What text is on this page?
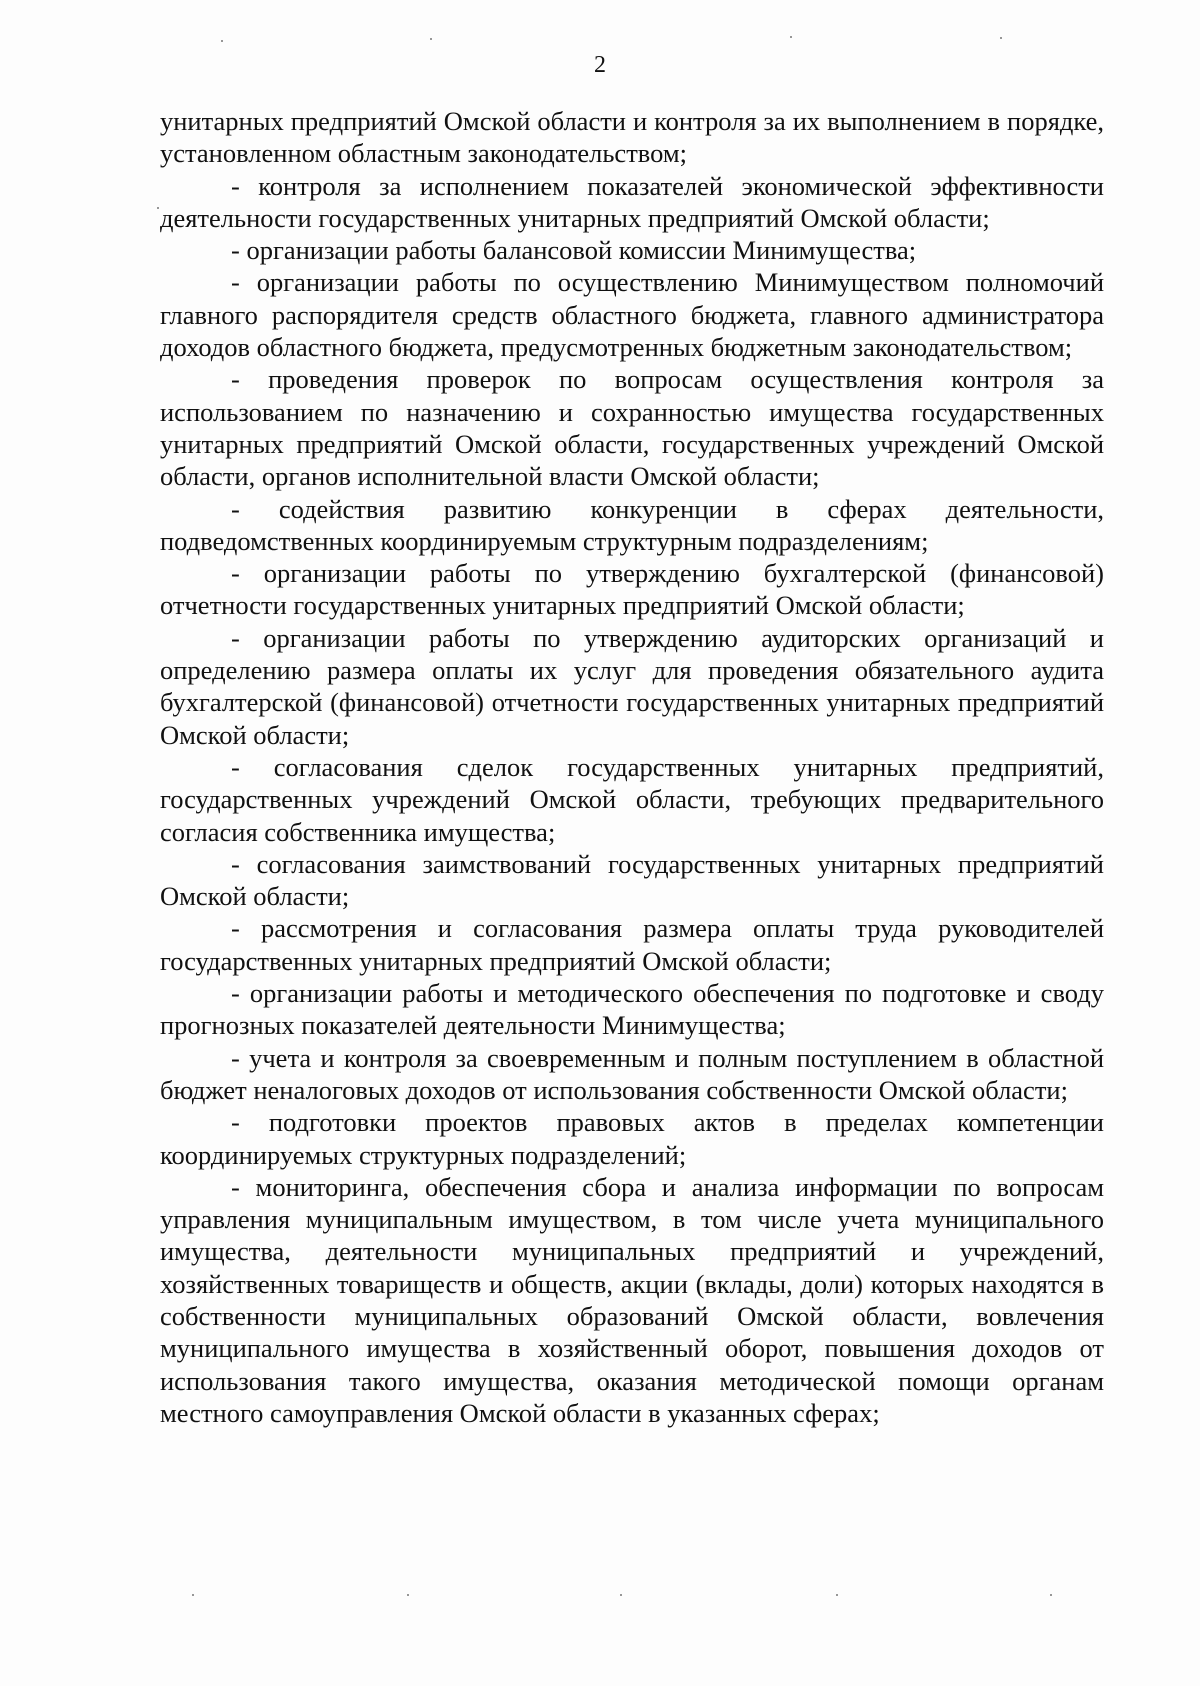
2

унитарных предприятий Омской области и контроля за их выполнением в порядке, установленном областным законодательством;

- контроля за исполнением показателей экономической эффективности деятельности государственных унитарных предприятий Омской области;

- организации работы балансовой комиссии Минимущества;

- организации работы по осуществлению Минимуществом полномочий главного распорядителя средств областного бюджета, главного администратора доходов областного бюджета, предусмотренных бюджетным законодательством;

- проведения проверок по вопросам осуществления контроля за использованием по назначению и сохранностью имущества государственных унитарных предприятий Омской области, государственных учреждений Омской области, органов исполнительной власти Омской области;

- содействия развитию конкуренции в сферах деятельности, подведомственных координируемым структурным подразделениям;

- организации работы по утверждению бухгалтерской (финансовой) отчетности государственных унитарных предприятий Омской области;

- организации работы по утверждению аудиторских организаций и определению размера оплаты их услуг для проведения обязательного аудита бухгалтерской (финансовой) отчетности государственных унитарных предприятий Омской области;

- согласования сделок государственных унитарных предприятий, государственных учреждений Омской области, требующих предварительного согласия собственника имущества;

- согласования заимствований государственных унитарных предприятий Омской области;

- рассмотрения и согласования размера оплаты труда руководителей государственных унитарных предприятий Омской области;

- организации работы и методического обеспечения по подготовке и своду прогнозных показателей деятельности Минимущества;

- учета и контроля за своевременным и полным поступлением в областной бюджет неналоговых доходов от использования собственности Омской области;

- подготовки проектов правовых актов в пределах компетенции координируемых структурных подразделений;

- мониторинга, обеспечения сбора и анализа информации по вопросам управления муниципальным имуществом, в том числе учета муниципального имущества, деятельности муниципальных предприятий и учреждений, хозяйственных товариществ и обществ, акции (вклады, доли) которых находятся в собственности муниципальных образований Омской области, вовлечения муниципального имущества в хозяйственный оборот, повышения доходов от использования такого имущества, оказания методической помощи органам местного самоуправления Омской области в указанных сферах;
